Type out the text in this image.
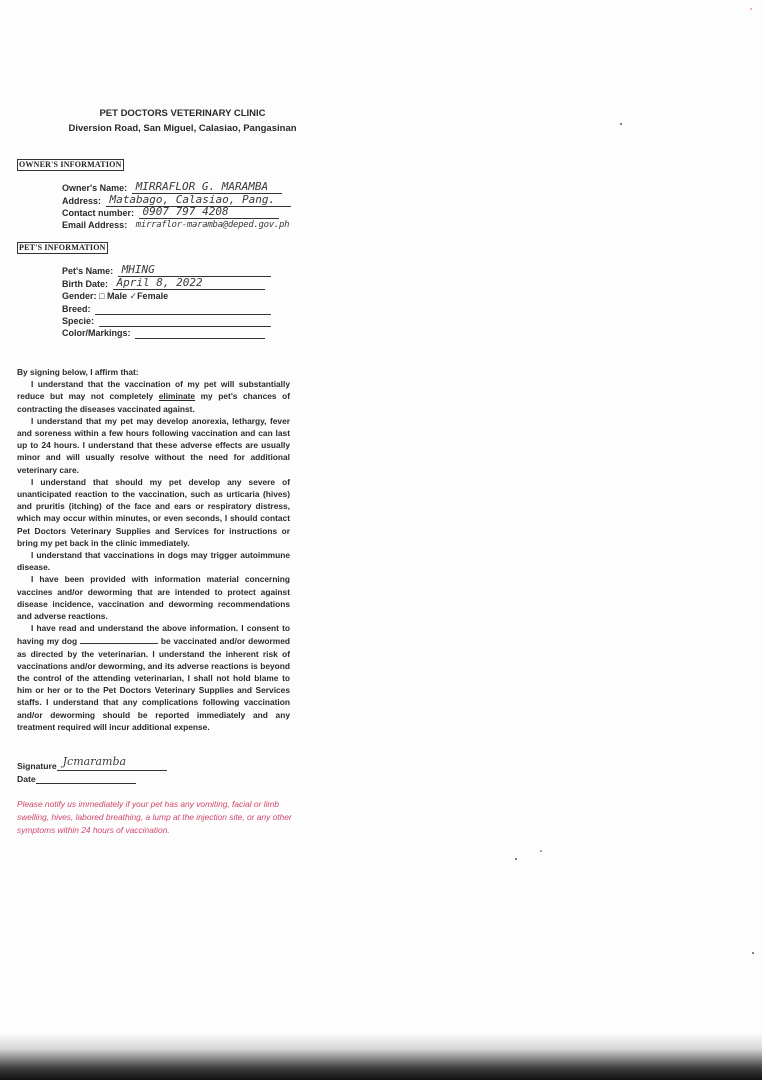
PET DOCTORS VETERINARY CLINIC
Diversion Road, San Miguel, Calasiao, Pangasinan
OWNER'S INFORMATION
Owner's Name: MIRRAFLOR G. MARAMBA
Address: Matabago, Calasiao, Pang.
Contact number: 0907 797 4208
Email Address: mirraflor-maramba@deped.gov.ph
PET'S INFORMATION
Pet's Name: MHING
Birth Date: April 8, 2022
Gender: □ Male ✓Female
Breed:
Specie:
Color/Markings:

By signing below, I affirm that:

I understand that the vaccination of my pet will substantially reduce but may not completely eliminate my pet's chances of contracting the diseases vaccinated against.

I understand that my pet may develop anorexia, lethargy, fever and soreness within a few hours following vaccination and can last up to 24 hours. I understand that these adverse effects are usually minor and will usually resolve without the need for additional veterinary care.

I understand that should my pet develop any severe of unanticipated reaction to the vaccination, such as urticaria (hives) and pruritis (itching) of the face and ears or respiratory distress, which may occur within minutes, or even seconds, I should contact Pet Doctors Veterinary Supplies and Services for instructions or bring my pet back in the clinic immediately.

I understand that vaccinations in dogs may trigger autoimmune disease.

I have been provided with information material concerning vaccines and/or deworming that are intended to protect against disease incidence, vaccination and deworming recommendations and adverse reactions.

I have read and understand the above information. I consent to having my dog	be vaccinated and/or dewormed as directed by the veterinarian. I understand the inherent risk of vaccinations and/or deworming, and its adverse reactions is beyond the control of the attending veterinarian, I shall not hold blame to him or her or to the Pet Doctors Veterinary Supplies and Services staffs. I understand that any complications following vaccination and/or deworming should be reported immediately and any treatment required will incur additional expense.

Signature Jcmaramba
Date
Please notify us immediately if your pet has any vomiting, facial or limb swelling, hives, labored breathing, a lump at the injection site, or any other symptoms within 24 hours of vaccination.
